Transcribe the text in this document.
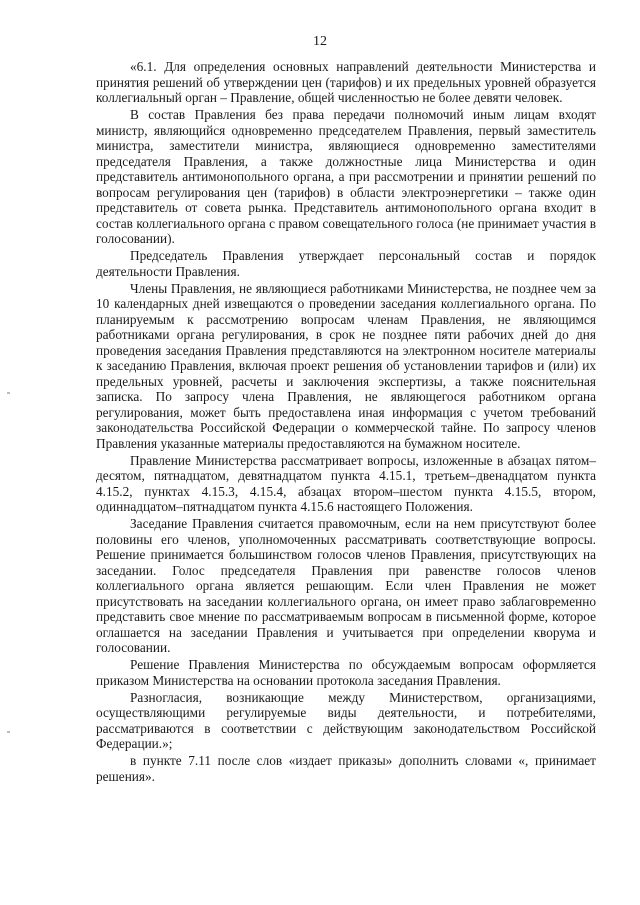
12

«6.1. Для определения основных направлений деятельности Министерства и принятия решений об утверждении цен (тарифов) и их предельных уровней образуется коллегиальный орган – Правление, общей численностью не более девяти человек.

В состав Правления без права передачи полномочий иным лицам входят министр, являющийся одновременно председателем Правления, первый заместитель министра, заместители министра, являющиеся одновременно заместителями председателя Правления, а также должностные лица Министерства и один представитель антимонопольного органа, а при рассмотрении и принятии решений по вопросам регулирования цен (тарифов) в области электроэнергетики – также один представитель от совета рынка. Представитель антимонопольного органа входит в состав коллегиального органа с правом совещательного голоса (не принимает участия в голосовании).

Председатель Правления утверждает персональный состав и порядок деятельности Правления.

Члены Правления, не являющиеся работниками Министерства, не позднее чем за 10 календарных дней извещаются о проведении заседания коллегиального органа. По планируемым к рассмотрению вопросам членам Правления, не являющимся работниками органа регулирования, в срок не позднее пяти рабочих дней до дня проведения заседания Правления представляются на электронном носителе материалы к заседанию Правления, включая проект решения об установлении тарифов и (или) их предельных уровней, расчеты и заключения экспертизы, а также пояснительная записка. По запросу члена Правления, не являющегося работником органа регулирования, может быть предоставлена иная информация с учетом требований законодательства Российской Федерации о коммерческой тайне. По запросу членов Правления указанные материалы предоставляются на бумажном носителе.

Правление Министерства рассматривает вопросы, изложенные в абзацах пятом–десятом, пятнадцатом, девятнадцатом пункта 4.15.1, третьем–двенадцатом пункта 4.15.2, пунктах 4.15.3, 4.15.4, абзацах втором–шестом пункта 4.15.5, втором, одиннадцатом–пятнадцатом пункта 4.15.6 настоящего Положения.

Заседание Правления считается правомочным, если на нем присутствуют более половины его членов, уполномоченных рассматривать соответствующие вопросы. Решение принимается большинством голосов членов Правления, присутствующих на заседании. Голос председателя Правления при равенстве голосов членов коллегиального органа является решающим. Если член Правления не может присутствовать на заседании коллегиального органа, он имеет право заблаговременно представить свое мнение по рассматриваемым вопросам в письменной форме, которое оглашается на заседании Правления и учитывается при определении кворума и голосовании.

Решение Правления Министерства по обсуждаемым вопросам оформляется приказом Министерства на основании протокола заседания Правления.

Разногласия, возникающие между Министерством, организациями, осуществляющими регулируемые виды деятельности, и потребителями, рассматриваются в соответствии с действующим законодательством Российской Федерации.»;

в пункте 7.11 после слов «издает приказы» дополнить словами «, принимает решения».
